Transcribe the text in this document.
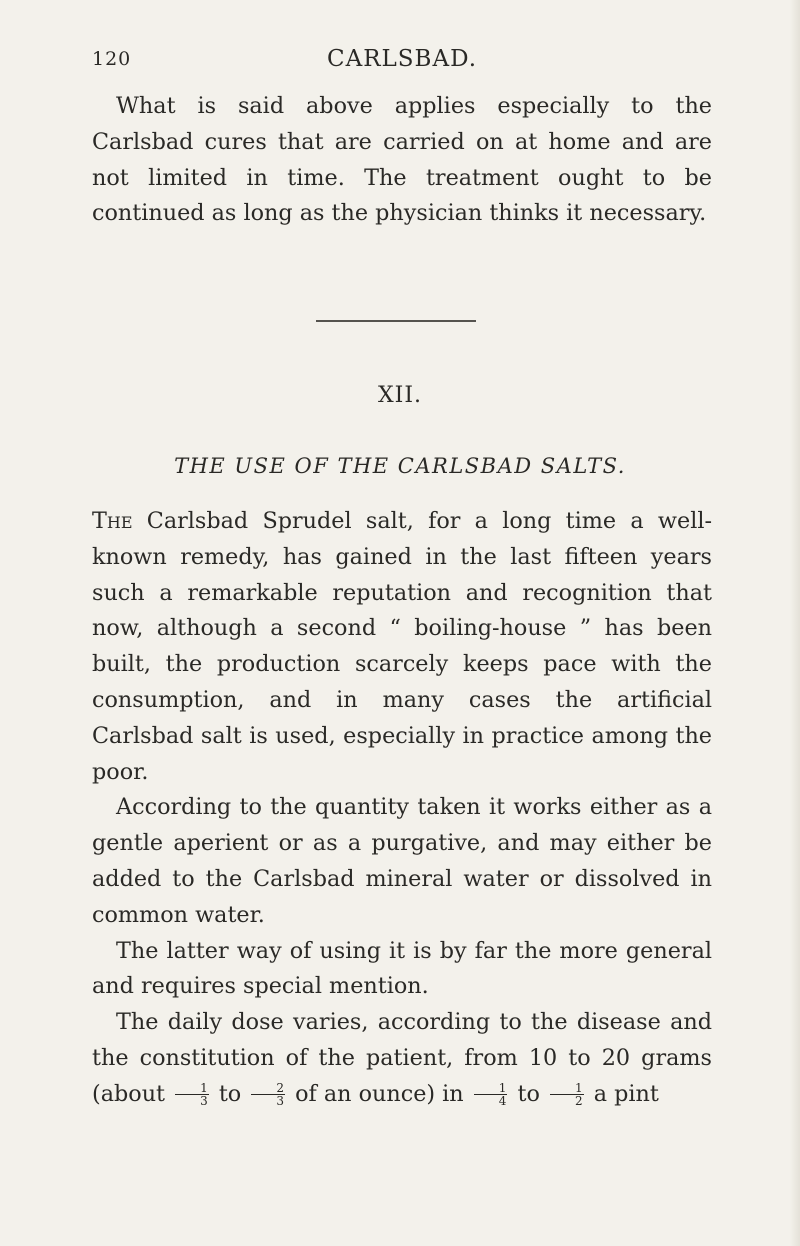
120	CARLSBAD.

What is said above applies especially to the Carlsbad cures that are carried on at home and are not limited in time. The treatment ought to be continued as long as the physician thinks it necessary.

XII.
THE USE OF THE CARLSBAD SALTS.

The Carlsbad Sprudel salt, for a long time a well-known remedy, has gained in the last fifteen years such a remarkable reputation and recognition that now, although a second “ boiling-house ” has been built, the production scarcely keeps pace with the consumption, and in many cases the artificial Carlsbad salt is used, especially in practice among the poor.

According to the quantity taken it works either as a gentle aperient or as a purgative, and may either be added to the Carlsbad mineral water or dissolved in common water.

The latter way of using it is by far the more general and requires special mention.

The daily dose varies, according to the disease and the constitution of the patient, from 10 to 20 grams (about $\frac{1}{3}$ to $\frac{2}{3}$ of an ounce) in $\frac{1}{4}$ to $\frac{1}{2}$ a pint
